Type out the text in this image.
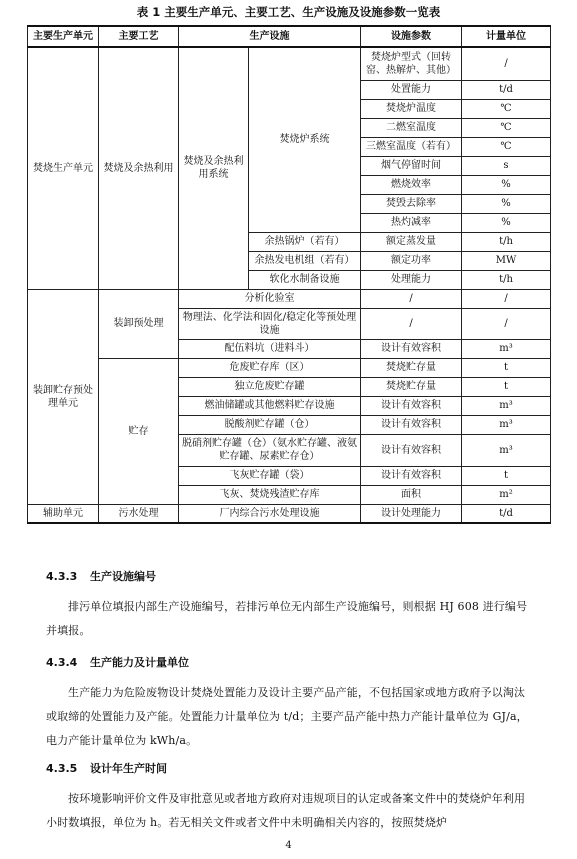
表 1 主要生产单元、主要工艺、生产设施及设施参数一览表
主要生产单元	主要工艺	生产设施		设施参数	计量单位
焚烧生产单元	焚烧及余热利用	焚烧及余热利用系统	焚烧炉系统	焚烧炉型式（回转窑、热解炉、其他）	/
				处置能力	t/d
				焚烧炉温度	℃
				二燃室温度	℃
				三燃室温度（若有）	℃
				烟气停留时间	s
				燃烧效率	%
				焚毁去除率	%
				热灼减率	%
			余热锅炉（若有）	额定蒸发量	t/h
			余热发电机组（若有）	额定功率	MW
			软化水制备设施	处理能力	t/h
装卸贮存预处理单元	装卸预处理	分析化验室		/	/
		物理法、化学法和固化/稳定化等预处理设施		/	/
		配伍料坑（进料斗）		设计有效容积	m³
	贮存	危废贮存库（区）		焚烧贮存量	t
		独立危废贮存罐		焚烧贮存量	t
		燃油储罐或其他燃料贮存设施		设计有效容积	m³
		脱酸剂贮存罐（仓）		设计有效容积	m³
		脱硝剂贮存罐（仓）（氨水贮存罐、液氨贮存罐、尿素贮存仓）		设计有效容积	m³
		飞灰贮存罐（袋）		设计有效容积	t
		飞灰、焚烧残渣贮存库		面积	m²
辅助单元	污水处理	厂内综合污水处理设施		设计处理能力	t/d
4.3.3 生产设施编号
排污单位填报内部生产设施编号，若排污单位无内部生产设施编号，则根据 HJ 608 进行编号并填报。
4.3.4 生产能力及计量单位
生产能力为危险废物设计焚烧处置能力及设计主要产品产能，不包括国家或地方政府予以淘汰或取缔的处置能力及产能。处置能力计量单位为 t/d；主要产品产能中热力产能计量单位为 GJ/a，电力产能计量单位为 kWh/a。
4.3.5 设计年生产时间
按环境影响评价文件及审批意见或者地方政府对违规项目的认定或备案文件中的焚烧炉年利用小时数填报，单位为 h。若无相关文件或者文件中未明确相关内容的，按照焚烧炉
4
